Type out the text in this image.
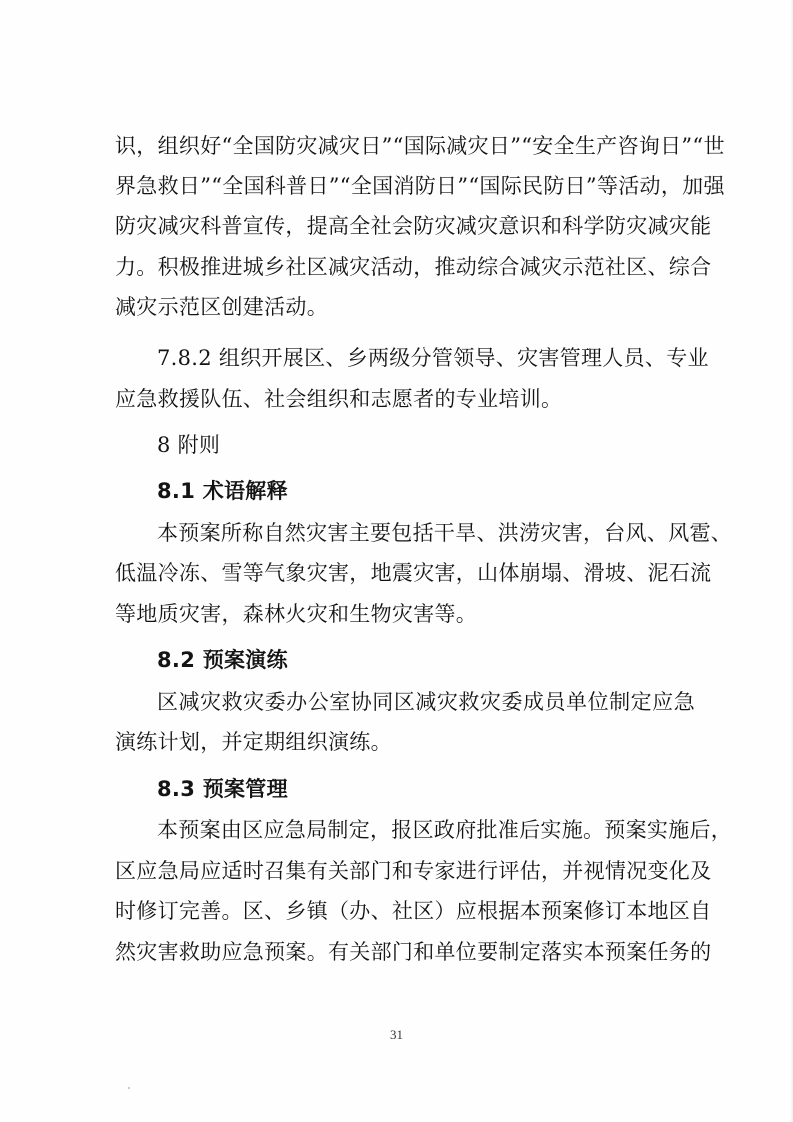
识，组织好“全国防灾减灾日”“国际减灾日”“安全生产咨询日”“世
界急救日”“全国科普日”“全国消防日”“国际民防日”等活动，加强
防灾减灾科普宣传，提高全社会防灾减灾意识和科学防灾减灾能
力。积极推进城乡社区减灾活动，推动综合减灾示范社区、综合
减灾示范区创建活动。
7.8.2 组织开展区、乡两级分管领导、灾害管理人员、专业
应急救援队伍、社会组织和志愿者的专业培训。
8 附则
8.1 术语解释
本预案所称自然灾害主要包括干旱、洪涝灾害，台风、风雹、
低温冷冻、雪等气象灾害，地震灾害，山体崩塌、滑坡、泥石流
等地质灾害，森林火灾和生物灾害等。
8.2 预案演练
区减灾救灾委办公室协同区减灾救灾委成员单位制定应急
演练计划，并定期组织演练。
8.3 预案管理
本预案由区应急局制定，报区政府批准后实施。预案实施后，
区应急局应适时召集有关部门和专家进行评估，并视情况变化及
时修订完善。区、乡镇（办、社区）应根据本预案修订本地区自
然灾害救助应急预案。有关部门和单位要制定落实本预案任务的
31
